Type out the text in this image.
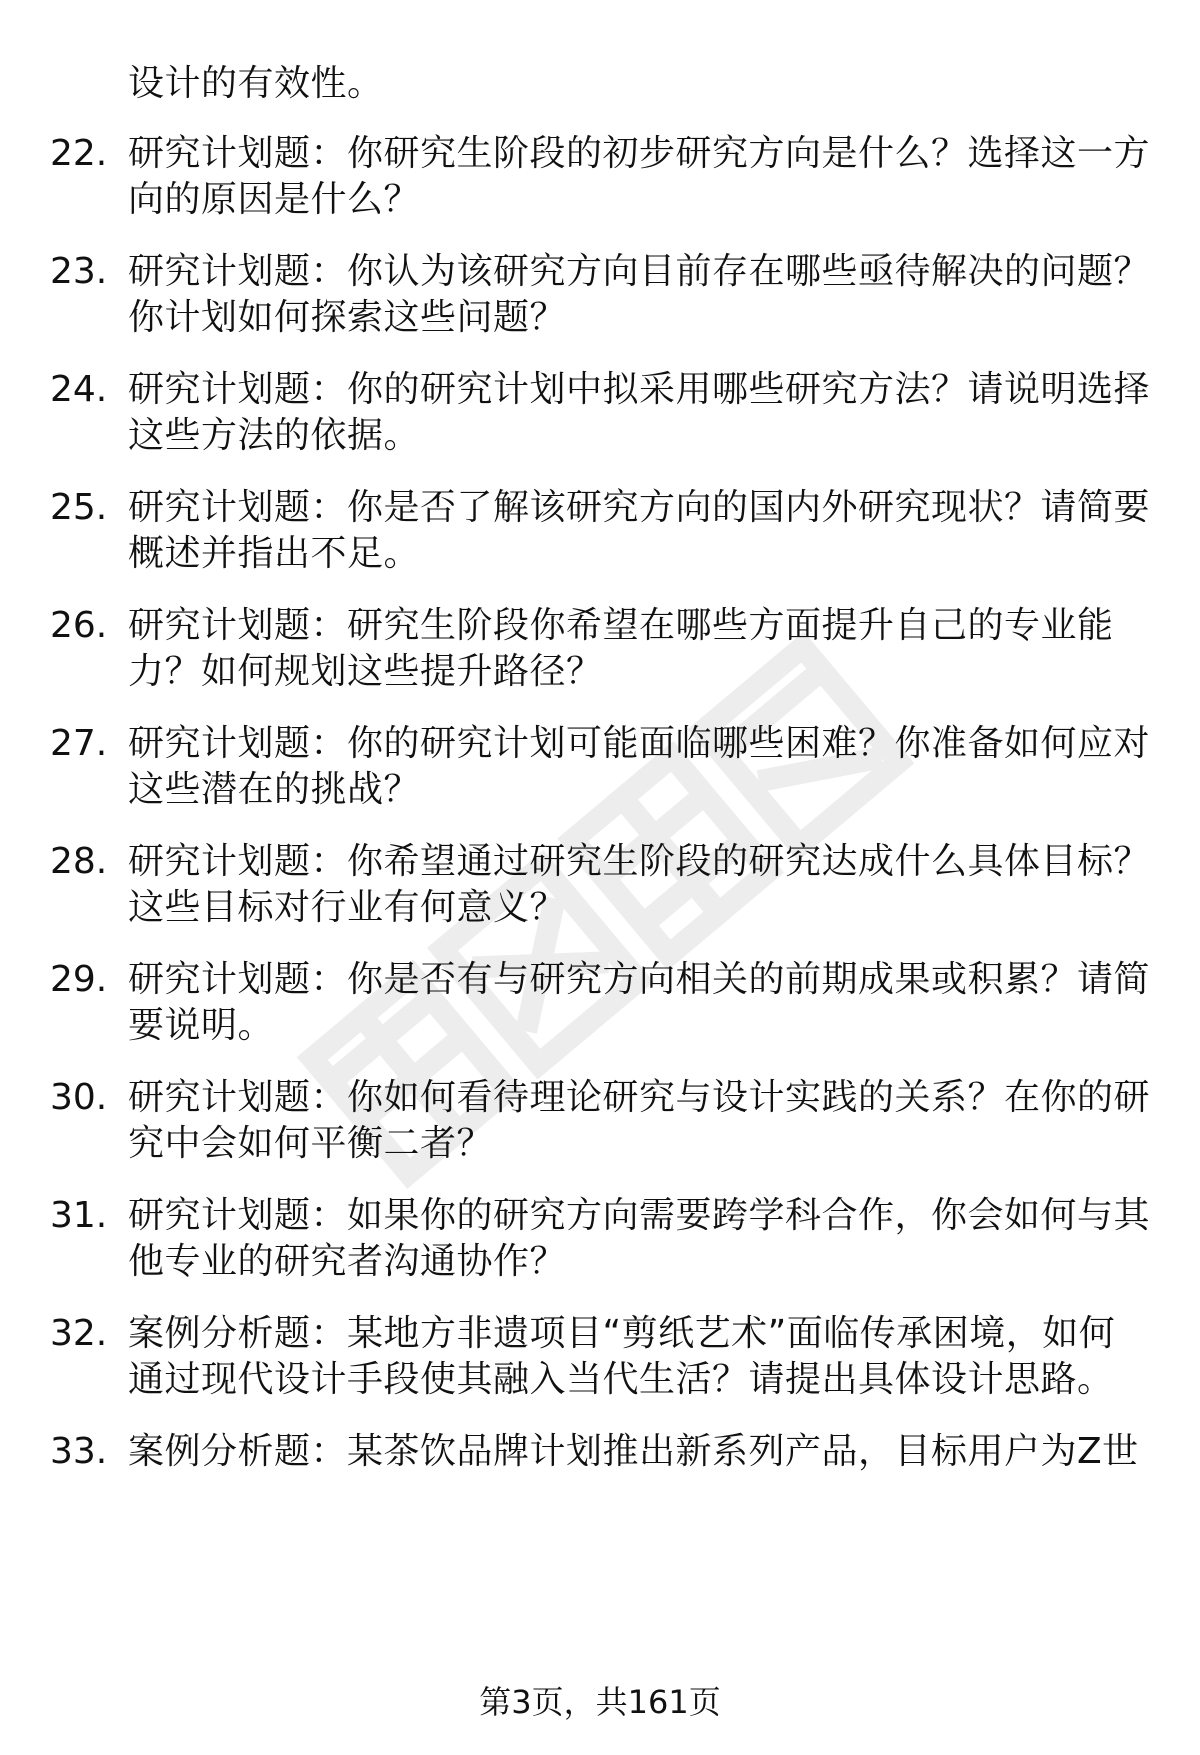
设计的有效性。
22. 研究计划题：你研究生阶段的初步研究方向是什么？选择这一方
向的原因是什么？
23. 研究计划题：你认为该研究方向目前存在哪些亟待解决的问题？
你计划如何探索这些问题？
24. 研究计划题：你的研究计划中拟采用哪些研究方法？请说明选择
这些方法的依据。
25. 研究计划题：你是否了解该研究方向的国内外研究现状？请简要
概述并指出不足。
26. 研究计划题：研究生阶段你希望在哪些方面提升自己的专业能
力？如何规划这些提升路径？
27. 研究计划题：你的研究计划可能面临哪些困难？你准备如何应对
这些潜在的挑战？
28. 研究计划题：你希望通过研究生阶段的研究达成什么具体目标？
这些目标对行业有何意义？
29. 研究计划题：你是否有与研究方向相关的前期成果或积累？请简
要说明。
30. 研究计划题：你如何看待理论研究与设计实践的关系？在你的研
究中会如何平衡二者？
31. 研究计划题：如果你的研究方向需要跨学科合作，你会如何与其
他专业的研究者沟通协作？
32. 案例分析题：某地方非遗项目“剪纸艺术”面临传承困境，如何
通过现代设计手段使其融入当代生活？请提出具体设计思路。
33. 案例分析题：某茶饮品牌计划推出新系列产品，目标用户为Z世
第3页，共161页
